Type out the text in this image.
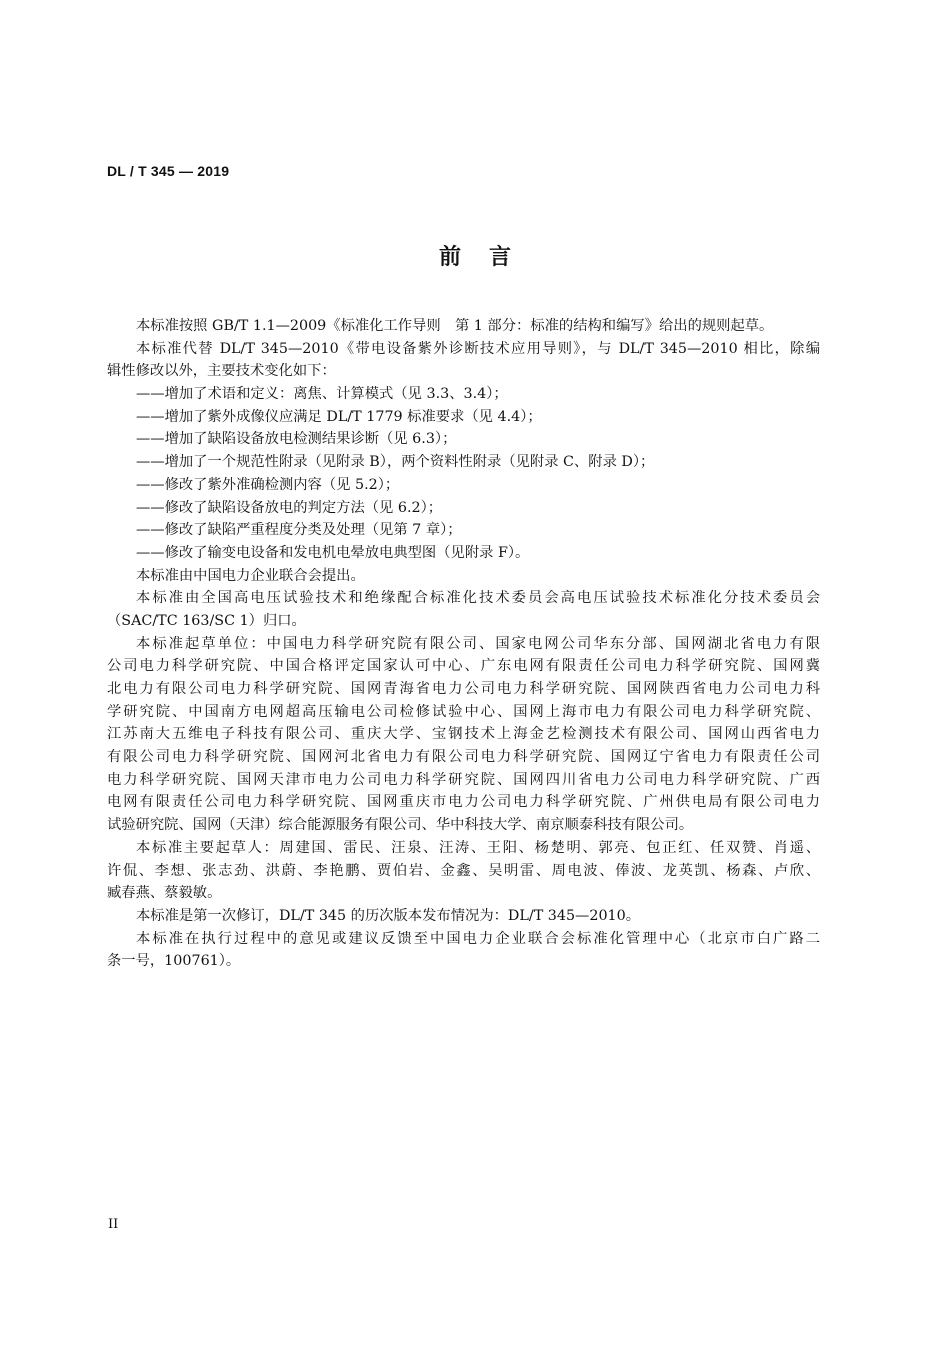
DL / T 345 — 2019
前言
本标准按照 GB/T 1.1—2009《标准化工作导则　第 1 部分：标准的结构和编写》给出的规则起草。
本标准代替 DL/T 345—2010《带电设备紫外诊断技术应用导则》，与 DL/T 345—2010 相比，除编
辑性修改以外，主要技术变化如下：
——增加了术语和定义：离焦、计算模式（见 3.3、3.4）；
——增加了紫外成像仪应满足 DL/T 1779 标准要求（见 4.4）；
——增加了缺陷设备放电检测结果诊断（见 6.3）；
——增加了一个规范性附录（见附录 B），两个资料性附录（见附录 C、附录 D）；
——修改了紫外准确检测内容（见 5.2）；
——修改了缺陷设备放电的判定方法（见 6.2）；
——修改了缺陷严重程度分类及处理（见第 7 章）；
——修改了输变电设备和发电机电晕放电典型图（见附录 F）。
本标准由中国电力企业联合会提出。
本标准由全国高电压试验技术和绝缘配合标准化技术委员会高电压试验技术标准化分技术委员会
（SAC/TC 163/SC 1）归口。
本标准起草单位：中国电力科学研究院有限公司、国家电网公司华东分部、国网湖北省电力有限
公司电力科学研究院、中国合格评定国家认可中心、广东电网有限责任公司电力科学研究院、国网冀
北电力有限公司电力科学研究院、国网青海省电力公司电力科学研究院、国网陕西省电力公司电力科
学研究院、中国南方电网超高压输电公司检修试验中心、国网上海市电力有限公司电力科学研究院、
江苏南大五维电子科技有限公司、重庆大学、宝钢技术上海金艺检测技术有限公司、国网山西省电力
有限公司电力科学研究院、国网河北省电力有限公司电力科学研究院、国网辽宁省电力有限责任公司
电力科学研究院、国网天津市电力公司电力科学研究院、国网四川省电力公司电力科学研究院、广西
电网有限责任公司电力科学研究院、国网重庆市电力公司电力科学研究院、广州供电局有限公司电力
试验研究院、国网（天津）综合能源服务有限公司、华中科技大学、南京顺泰科技有限公司。
本标准主要起草人：周建国、雷民、汪泉、汪涛、王阳、杨楚明、郭亮、包正红、任双赞、肖遥、
许侃、李想、张志劲、洪蔚、李艳鹏、贾伯岩、金鑫、吴明雷、周电波、俸波、龙英凯、杨森、卢欣、
臧春燕、蔡毅敏。
本标准是第一次修订，DL/T 345 的历次版本发布情况为：DL/T 345—2010。
本标准在执行过程中的意见或建议反馈至中国电力企业联合会标准化管理中心（北京市白广路二
条一号，100761）。
II
